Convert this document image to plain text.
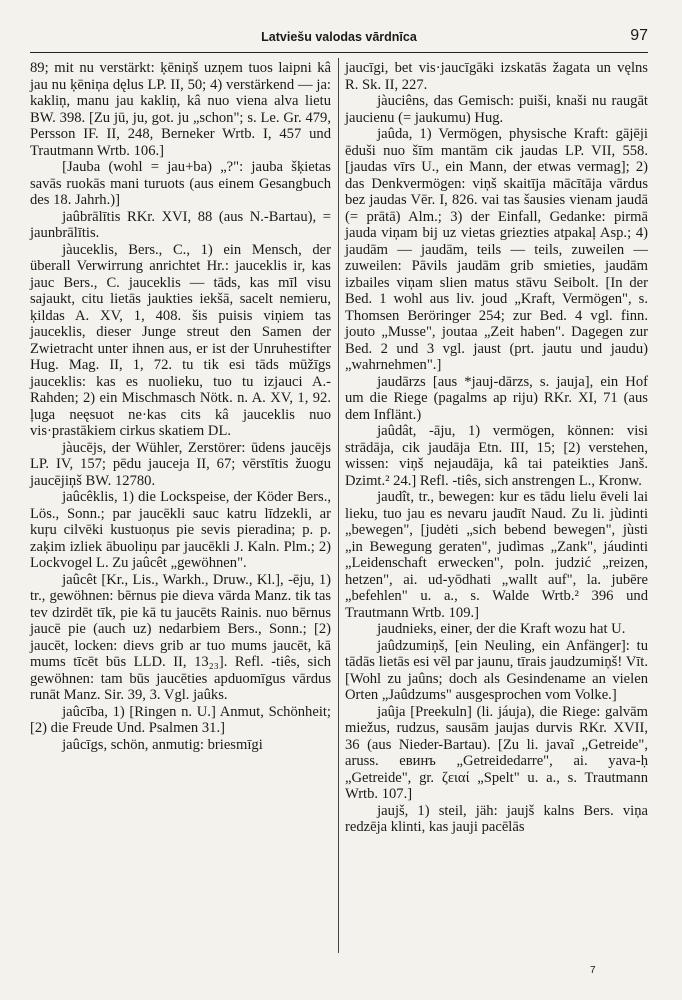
Latviešu valodas vārdnīca	97

89; mit nu verstärkt: ķēniņš uzņem tuos laipni kâ jau nu ķēniņa dęlus LP. II, 50; 4) verstärkend — ja: kakliņ, manu jau kakliņ, kâ nuo viena alva lietu BW. 398. [Zu jū, ju, got. ju „schon"; s. Le. Gr. 479, Persson IF. II, 248, Berneker Wrtb. I, 457 und Trautmann Wrtb. 106.]

[Jauba (wohl = jau+ba) „?": jauba šķietas savās ruokās mani turuots (aus einem Gesangbuch des 18. Jahrh.)]

jaûbrālītis RKr. XVI, 88 (aus N.-Bartau), = jaunbrālītis.

jàuceklis, Bers., C., 1) ein Mensch, der überall Verwirrung anrichtet Hr.: jauceklis ir, kas jauc Bers., C. jauceklis — tāds, kas mīl visu sajaukt, citu lietās jaukties iekšā, sacelt nemieru, ķildas A. XV, 1, 408. šis puisis viņiem tas jauceklis, dieser Junge streut den Samen der Zwietracht unter ihnen aus, er ist der Unruhestifter Hug. Mag. II, 1, 72. tu tik esi tāds mūžīgs jauceklis: kas es nuolieku, tuo tu izjauci A.-Rahden; 2) ein Mischmasch Nötk. n. A. XV, 1, 92. ļuga neęsuot ne·kas cits kâ jauceklis nuo vis·prastākiem cirkus skatiem DL.

jàucējs, der Wühler, Zerstörer: ūdens jaucējs LP. IV, 157; pēdu jauceja II, 67; vērstītis žuogu jaucējiņš BW. 12780.

jaûcêklis, 1) die Lockspeise, der Köder Bers., Lös., Sonn.; par jaucēkli sauc katru līdzekli, ar kuŗu cilvēki kustuoņus pie sevis pieradina; p. p. zaķim izliek ābuoliņu par jaucēkli J. Kaln. Plm.; 2) Lockvogel L. Zu jaûcêt „gewöhnen".

jaûcêt [Kr., Lis., Warkh., Druw., Kl.], -ēju, 1) tr., gewöhnen: bērnus pie dieva vārda Manz. tik tas tev dzirdēt tīk, pie kā tu jaucēts Rainis. nuo bērnus jaucē pie (auch uz) nedarbiem Bers., Sonn.; [2) jaucēt, locken: dievs grib ar tuo mums jaucēt, kā mums tīcēt būs LLD. II, 13₂₃]. Refl. -tiês, sich gewöhnen: tam būs jaucēties apduomīgus vārdus runāt Manz. Sir. 39, 3. Vgl. jaûks.

jaûcība, 1) [Ringen n. U.] Anmut, Schönheit; [2) die Freude Und. Psalmen 31.]

jaûcīgs, schön, anmutig: briesmīgi

jaucīgi, bet vis·jaucīgāki izskatās žagata un vęlns R. Sk. II, 227.

jàuciêns, das Gemisch: puiši, knaši nu raugāt jaucienu (= jaukumu) Hug.

jaûda, 1) Vermögen, physische Kraft: gājēji ēduši nuo šīm mantām cik jaudas LP. VII, 558. [jaudas vīrs U., ein Mann, der etwas vermag]; 2) das Denkvermögen: viņš skaitīja mācītāja vārdus bez jaudas Vēr. I, 826. vai tas šausies vienam jaudā (= prātā) Alm.; 3) der Einfall, Gedanke: pirmā jauda viņam bij uz vietas griezties atpakaļ Asp.; 4) jaudām — jaudām, teils — teils, zuweilen — zuweilen: Pāvils jaudām grib smieties, jaudām izbailes viņam slien matus stāvu Seibolt. [In der Bed. 1 wohl aus liv. joud „Kraft, Vermögen", s. Thomsen Beröringer 254; zur Bed. 4 vgl. finn. jouto „Musse", joutaa „Zeit haben". Dagegen zur Bed. 2 und 3 vgl. jaust (prt. jautu und jaudu) „wahrnehmen".]

jaudārzs [aus *jauj-dārzs, s. jauja], ein Hof um die Riege (pagalms ap riju) RKr. XI, 71 (aus dem Inflänt.)

jaûdât, -āju, 1) vermögen, können: visi strādāja, cik jaudāja Etn. III, 15; [2) verstehen, wissen: viņš nejaudāja, kâ tai pateikties Janš. Dzimt.² 24.] Refl. -tiês, sich anstrengen L., Kronw.

jaudît, tr., bewegen: kur es tādu lielu ēveli lai lieku, tuo jau es nevaru jaudīt Naud. Zu li. jùdinti „bewegen", [judėti „sich bebend bewegen", jùsti „in Bewegung geraten", judìmas „Zank", jáudinti „Leidenschaft erwecken", poln. judzić „reizen, hetzen", ai. ud-yōdhati „wallt auf", la. jubēre „befehlen" u. a., s. Walde Wrtb.² 396 und Trautmann Wrtb. 109.]

jaudnieks, einer, der die Kraft wozu hat U.

jaûdzumiņš, [ein Neuling, ein Anfänger]: tu tādās lietās esi vēl par jaunu, tīrais jaudzumiņš! Vīt. [Wohl zu jaûns; doch als Gesindename an vielen Orten „Jaûdzums" ausgesprochen vom Volke.]

jaûja [Preekuln] (li. jáuja), die Riege: galvām miežus, rudzus, sausām jaujas durvis RKr. XVII, 36 (aus Nieder-Bartau). [Zu li. javaĩ „Getreide", aruss. евинъ „Getreidedarre", ai. yava-ḥ „Getreide", gr. ζειαί „Spelt" u. a., s. Trautmann Wrtb. 107.]

jaujš, 1) steil, jäh: jaujš kalns Bers. viņa redzēja klinti, kas jauji pacēlās

7
